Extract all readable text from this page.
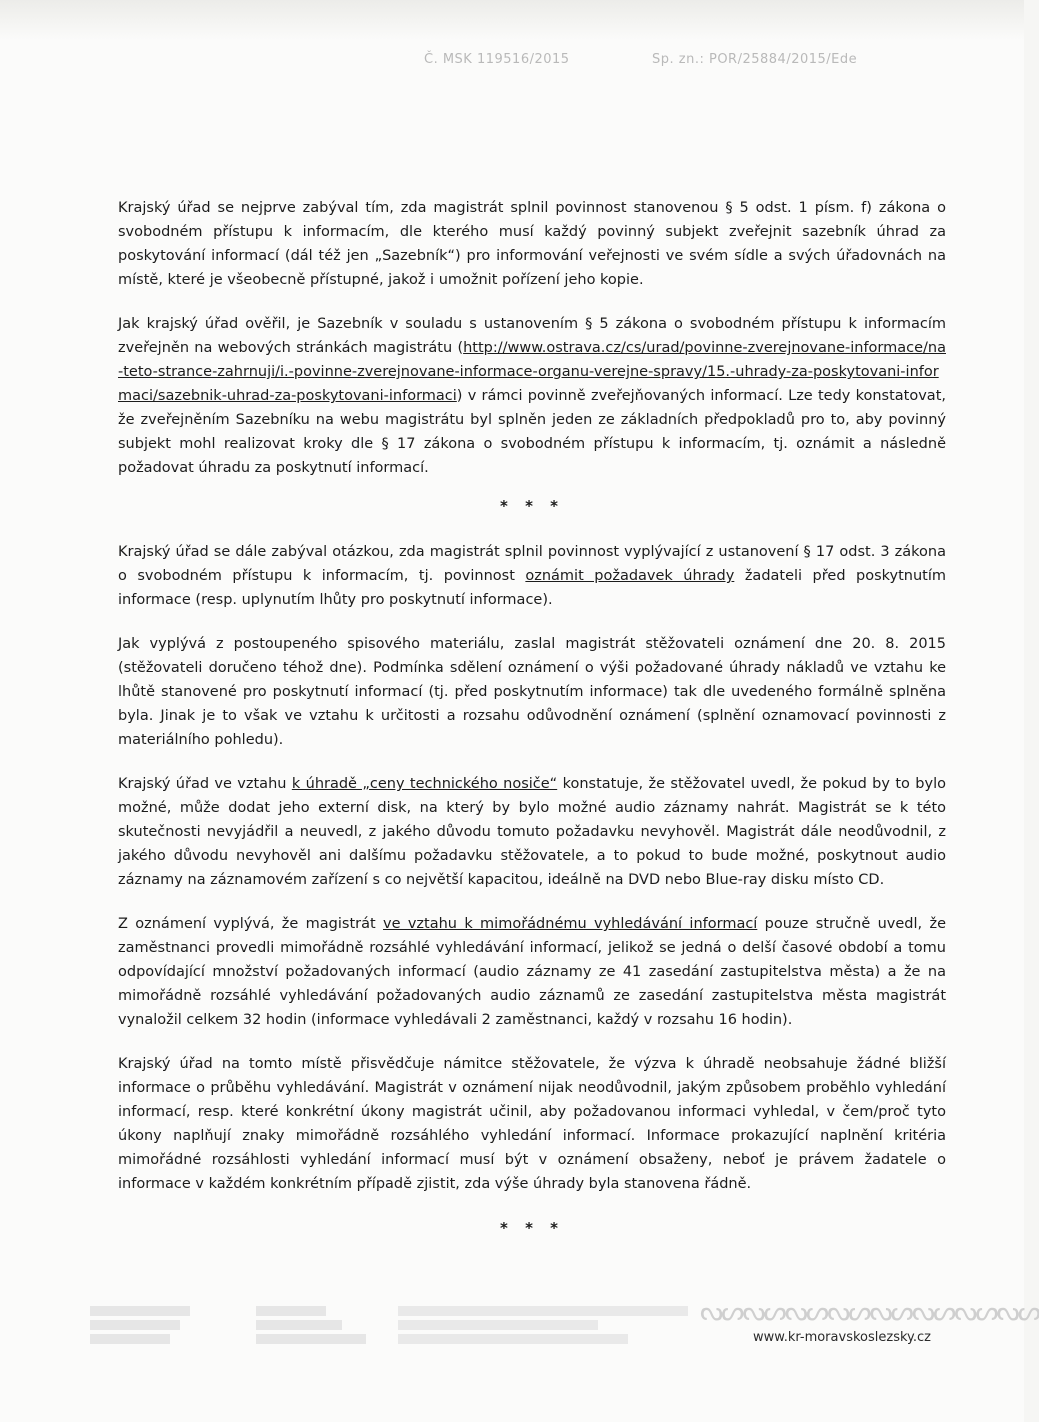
Č. MSK 119516/2015	Sp. zn.: POR/25884/2015/Ede

Krajský úřad se nejprve zabýval tím, zda magistrát splnil povinnost stanovenou § 5 odst. 1 písm. f) zákona o svobodném přístupu k informacím, dle kterého musí každý povinný subjekt zveřejnit sazebník úhrad za poskytování informací (dál též jen „Sazebník“) pro informování veřejnosti ve svém sídle a svých úřadovnách na místě, které je všeobecně přístupné, jakož i umožnit pořízení jeho kopie.

Jak krajský úřad ověřil, je Sazebník v souladu s ustanovením § 5 zákona o svobodném přístupu k informacím zveřejněn na webových stránkách magistrátu (http://www.ostrava.cz/cs/urad/povinne-zverejnovane-informace/na-teto-strance-zahrnuji/i.-povinne-zverejnovane-informace-organu-verejne-spravy/15.-uhrady-za-poskytovani-informaci/sazebnik-uhrad-za-poskytovani-informaci) v rámci povinně zveřejňovaných informací. Lze tedy konstatovat, že zveřejněním Sazebníku na webu magistrátu byl splněn jeden ze základních předpokladů pro to, aby povinný subjekt mohl realizovat kroky dle § 17 zákona o svobodném přístupu k informacím, tj. oznámit a následně požadovat úhradu za poskytnutí informací.

* * *

Krajský úřad se dále zabýval otázkou, zda magistrát splnil povinnost vyplývající z ustanovení § 17 odst. 3 zákona o svobodném přístupu k informacím, tj. povinnost oznámit požadavek úhrady žadateli před poskytnutím informace (resp. uplynutím lhůty pro poskytnutí informace).

Jak vyplývá z postoupeného spisového materiálu, zaslal magistrát stěžovateli oznámení dne 20. 8. 2015 (stěžovateli doručeno téhož dne). Podmínka sdělení oznámení o výši požadované úhrady nákladů ve vztahu ke lhůtě stanovené pro poskytnutí informací (tj. před poskytnutím informace) tak dle uvedeného formálně splněna byla. Jinak je to však ve vztahu k určitosti a rozsahu odůvodnění oznámení (splnění oznamovací povinnosti z materiálního pohledu).

Krajský úřad ve vztahu k úhradě „ceny technického nosiče“ konstatuje, že stěžovatel uvedl, že pokud by to bylo možné, může dodat jeho externí disk, na který by bylo možné audio záznamy nahrát. Magistrát se k této skutečnosti nevyjádřil a neuvedl, z jakého důvodu tomuto požadavku nevyhověl. Magistrát dále neodůvodnil, z jakého důvodu nevyhověl ani dalšímu požadavku stěžovatele, a to pokud to bude možné, poskytnout audio záznamy na záznamovém zařízení s co největší kapacitou, ideálně na DVD nebo Blue-ray disku místo CD.

Z oznámení vyplývá, že magistrát ve vztahu k mimořádnému vyhledávání informací pouze stručně uvedl, že zaměstnanci provedli mimořádně rozsáhlé vyhledávání informací, jelikož se jedná o delší časové období a tomu odpovídající množství požadovaných informací (audio záznamy ze 41 zasedání zastupitelstva města) a že na mimořádně rozsáhlé vyhledávání požadovaných audio záznamů ze zasedání zastupitelstva města magistrát vynaložil celkem 32 hodin (informace vyhledávali 2 zaměstnanci, každý v rozsahu 16 hodin).

Krajský úřad na tomto místě přisvědčuje námitce stěžovatele, že výzva k úhradě neobsahuje žádné bližší informace o průběhu vyhledávání. Magistrát v oznámení nijak neodůvodnil, jakým způsobem proběhlo vyhledání informací, resp. které konkrétní úkony magistrát učinil, aby požadovanou informaci vyhledal, v čem/proč tyto úkony naplňují znaky mimořádně rozsáhlého vyhledání informací. Informace prokazující naplnění kritéria mimořádné rozsáhlosti vyhledání informací musí být v oznámení obsaženy, neboť je právem žadatele o informace v každém konkrétním případě zjistit, zda výše úhrady byla stanovena řádně.

* * *
ᔓᔕᔓᔕᔓᔕᔓᔕᔓᔕᔓᔕᔓᔕᔓᔕ
www.kr-moravskoslezsky.cz
